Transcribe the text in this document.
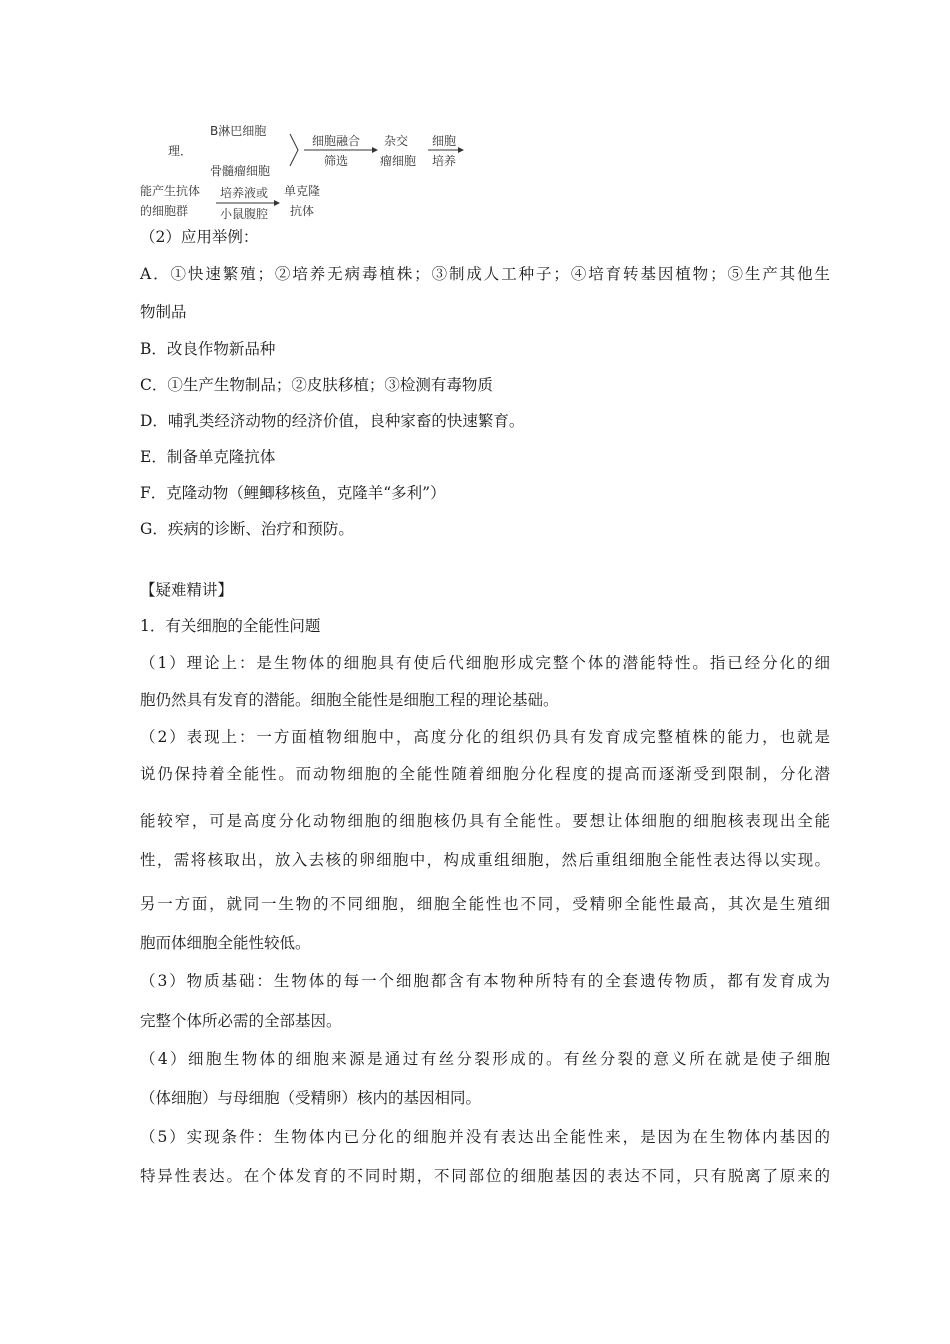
理．
B淋巴细胞
骨髓瘤细胞
细胞融合
筛选
杂交
瘤细胞
细胞
培养
能产生抗体
的细胞群
培养液或
小鼠腹腔
单克隆
抗体
（2）应用举例：
A．①快速繁殖；②培养无病毒植株；③制成人工种子；④培育转基因植物；⑤生产其他生
物制品
B．改良作物新品种
C．①生产生物制品；②皮肤移植；③检测有毒物质
D．哺乳类经济动物的经济价值，良种家畜的快速繁育。
E．制备单克隆抗体
F．克隆动物（鲤鲫移核鱼，克隆羊“多利”）
G．疾病的诊断、治疗和预防。
【疑难精讲】
1．有关细胞的全能性问题
（1）理论上：是生物体的细胞具有使后代细胞形成完整个体的潜能特性。指已经分化的细
胞仍然具有发育的潜能。细胞全能性是细胞工程的理论基础。
（2）表现上：一方面植物细胞中，高度分化的组织仍具有发育成完整植株的能力，也就是
说仍保持着全能性。而动物细胞的全能性随着细胞分化程度的提高而逐渐受到限制，分化潜
能较窄，可是高度分化动物细胞的细胞核仍具有全能性。要想让体细胞的细胞核表现出全能
性，需将核取出，放入去核的卵细胞中，构成重组细胞，然后重组细胞全能性表达得以实现。
另一方面，就同一生物的不同细胞，细胞全能性也不同，受精卵全能性最高，其次是生殖细
胞而体细胞全能性较低。
（3）物质基础：生物体的每一个细胞都含有本物种所特有的全套遗传物质，都有发育成为
完整个体所必需的全部基因。
（4）细胞生物体的细胞来源是通过有丝分裂形成的。有丝分裂的意义所在就是使子细胞
（体细胞）与母细胞（受精卵）核内的基因相同。
（5）实现条件：生物体内已分化的细胞并没有表达出全能性来，是因为在生物体内基因的
特异性表达。在个体发育的不同时期，不同部位的细胞基因的表达不同，只有脱离了原来的
